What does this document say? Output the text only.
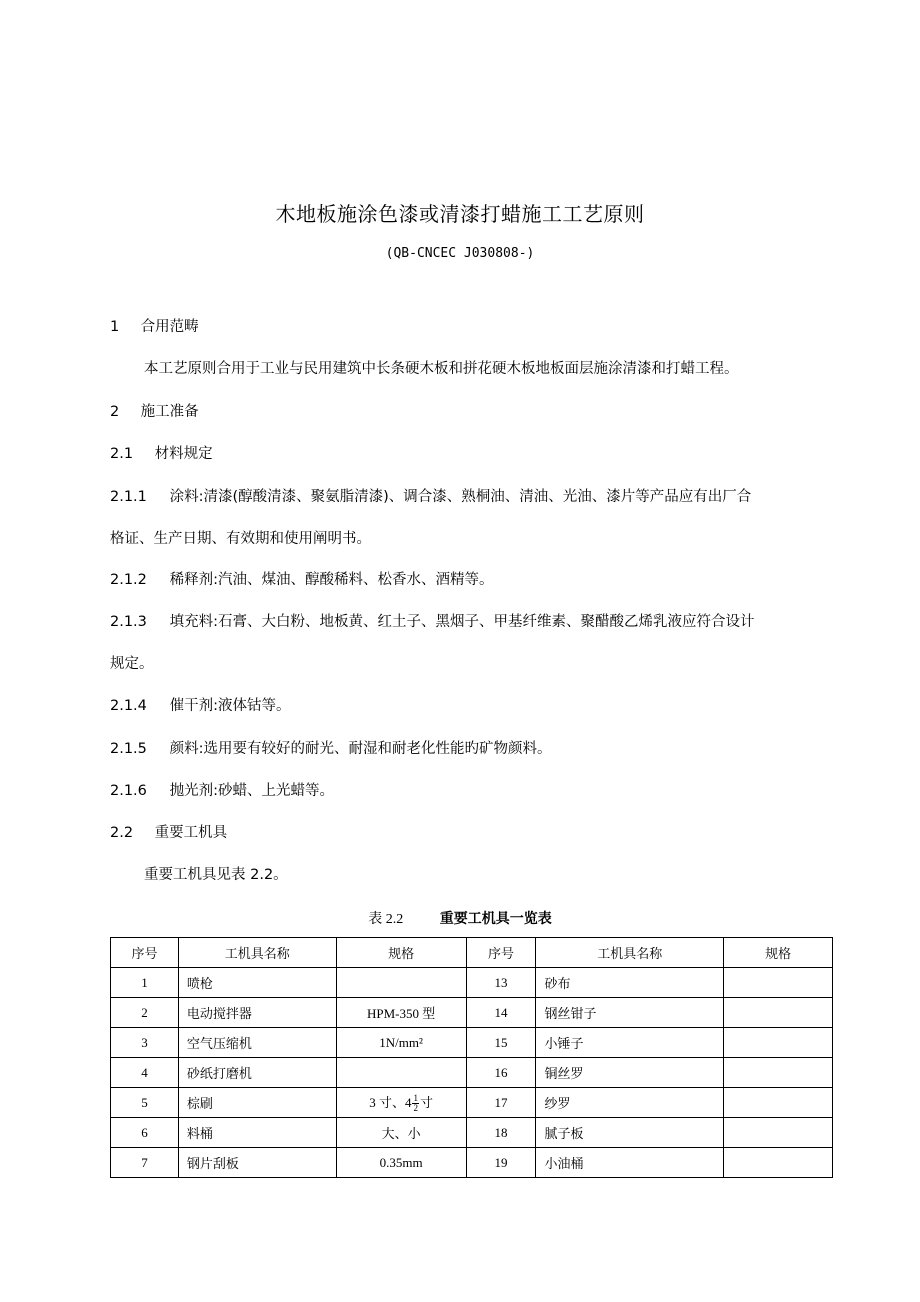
木地板施涂色漆或清漆打蜡施工工艺原则
(QB-CNCEC J030808-)
1 合用范畴
本工艺原则合用于工业与民用建筑中长条硬木板和拼花硬木板地板面层施涂清漆和打蜡工程。
2 施工准备
2.1 材料规定
2.1.1 涂料:清漆(醇酸清漆、聚氨脂清漆)、调合漆、熟桐油、清油、光油、漆片等产品应有出厂合
格证、生产日期、有效期和使用阐明书。
2.1.2 稀释剂:汽油、煤油、醇酸稀料、松香水、酒精等。
2.1.3 填充料:石膏、大白粉、地板黄、红土子、黑烟子、甲基纤维素、聚醋酸乙烯乳液应符合设计
规定。
2.1.4 催干剂:液体钴等。
2.1.5 颜料:选用要有较好的耐光、耐湿和耐老化性能旳矿物颜料。
2.1.6 抛光剂:砂蜡、上光蜡等。
2.2 重要工机具
重要工机具见表 2.2。
表 2.2	重要工机具一览表
序号	工机具名称	规格	序号	工机具名称	规格
1	喷枪		13	砂布	
2	电动搅拌器	HPM-350 型	14	钢丝钳子	
3	空气压缩机	1N/mm²	15	小锤子	
4	砂纸打磨机		16	铜丝罗	
5	棕刷	3 寸、$4 \frac{1}{2}$ 寸	17	纱罗	
6	料桶	大、小	18	腻子板	
7	钢片刮板	0.35mm	19	小油桶	
